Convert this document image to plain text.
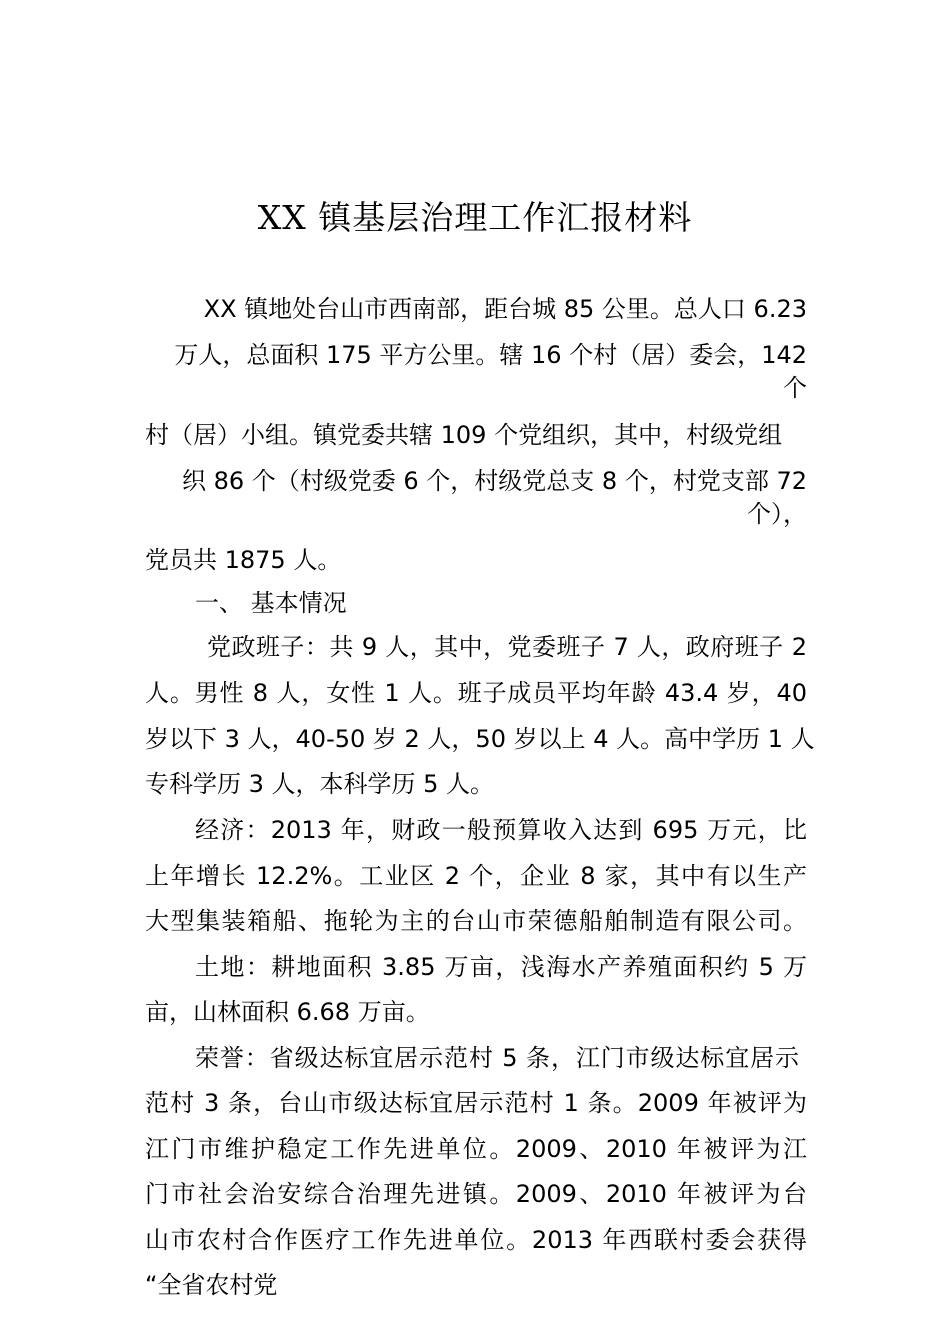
XX 镇基层治理工作汇报材料
XX 镇地处台山市西南部，距台城 85 公里。总人口 6.23
万人，总面积 175 平方公里。辖 16 个村（居）委会，142
个
村（居）小组。镇党委共辖 109 个党组织，其中，村级党组
织 86 个（村级党委 6 个，村级党总支 8 个，村党支部 72
个），
党员共 1875 人。
一、 基本情况
党政班子：共 9 人，其中，党委班子 7 人，政府班子 2
人。男性 8 人，女性 1 人。班子成员平均年龄 43.4 岁，40
岁以下 3 人，40-50 岁 2 人，50 岁以上 4 人。高中学历 1 人
专科学历 3 人，本科学历 5 人。
经济：2013 年，财政一般预算收入达到 695 万元，比
上年增长 12.2%。工业区 2 个，企业 8 家，其中有以生产
大型集装箱船、拖轮为主的台山市荣德船舶制造有限公司。
土地：耕地面积 3.85 万亩，浅海水产养殖面积约 5 万
亩，山林面积 6.68 万亩。
荣誉：省级达标宜居示范村 5 条，江门市级达标宜居示
范村 3 条，台山市级达标宜居示范村 1 条。2009 年被评为
江门市维护稳定工作先进单位。2009、2010 年被评为江
门市社会治安综合治理先进镇。2009、2010 年被评为台
山市农村合作医疗工作先进单位。2013 年西联村委会获得
“全省农村党
